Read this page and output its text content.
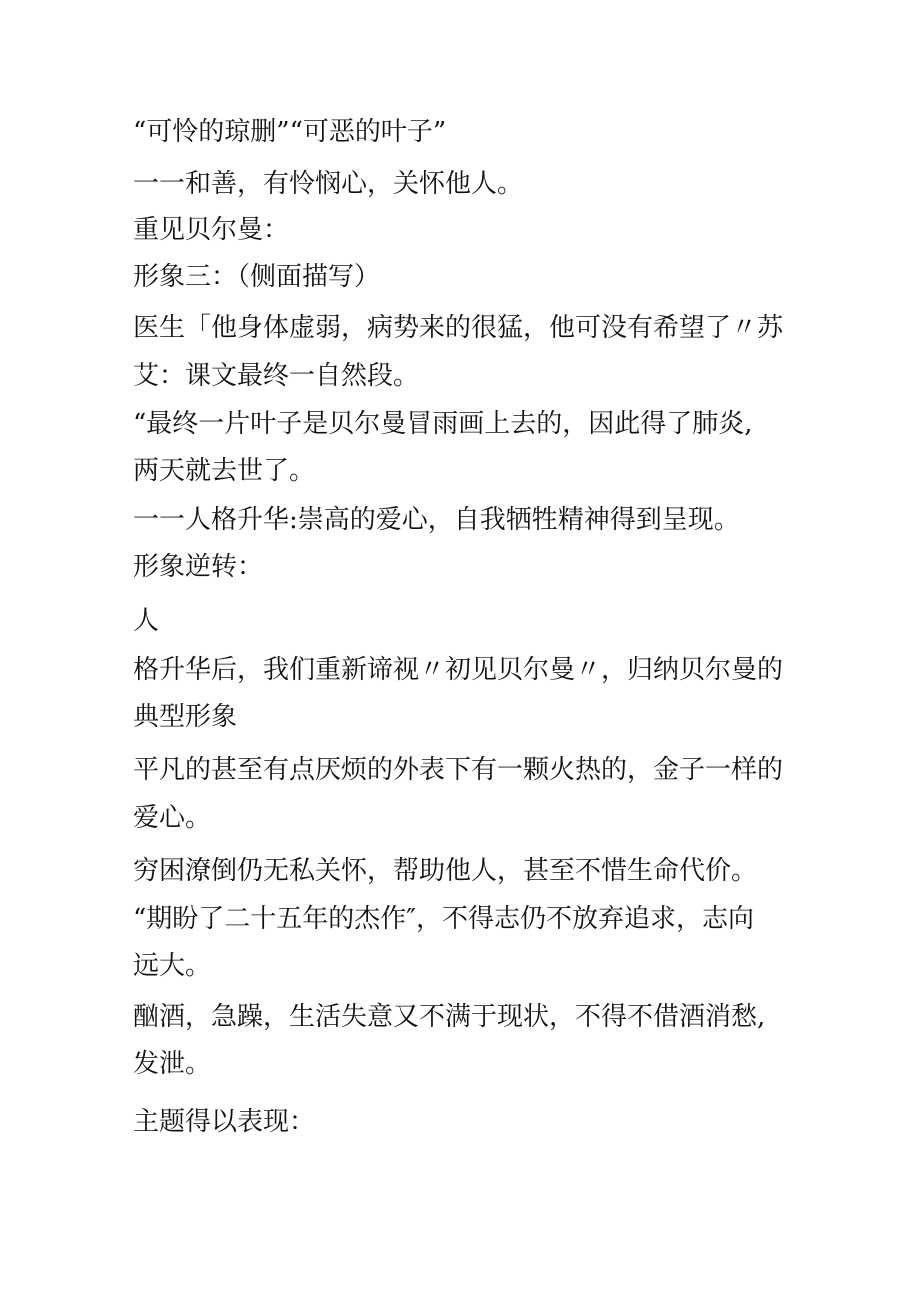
“可怜的琼删”“可恶的叶子”
一一和善，有怜悯心，关怀他人。
重见贝尔曼：
形象三：（侧面描写）
医生「他身体虚弱，病势来的很猛，他可没有希望了〃苏
艾：课文最终一自然段。
“最终一片叶子是贝尔曼冒雨画上去的，因此得了肺炎,
两天就去世了。
一一人格升华:崇高的爱心，自我牺牲精神得到呈现。
形象逆转：
人
格升华后，我们重新谛视〃初见贝尔曼〃，归纳贝尔曼的
典型形象
平凡的甚至有点厌烦的外表下有一颗火热的，金子一样的
爱心。
穷困潦倒仍无私关怀，帮助他人，甚至不惜生命代价。
“期盼了二十五年的杰作″，不得志仍不放弃追求，志向
远大。
酗酒，急躁，生活失意又不满于现状，不得不借酒消愁,
发泄。
主题得以表现：
